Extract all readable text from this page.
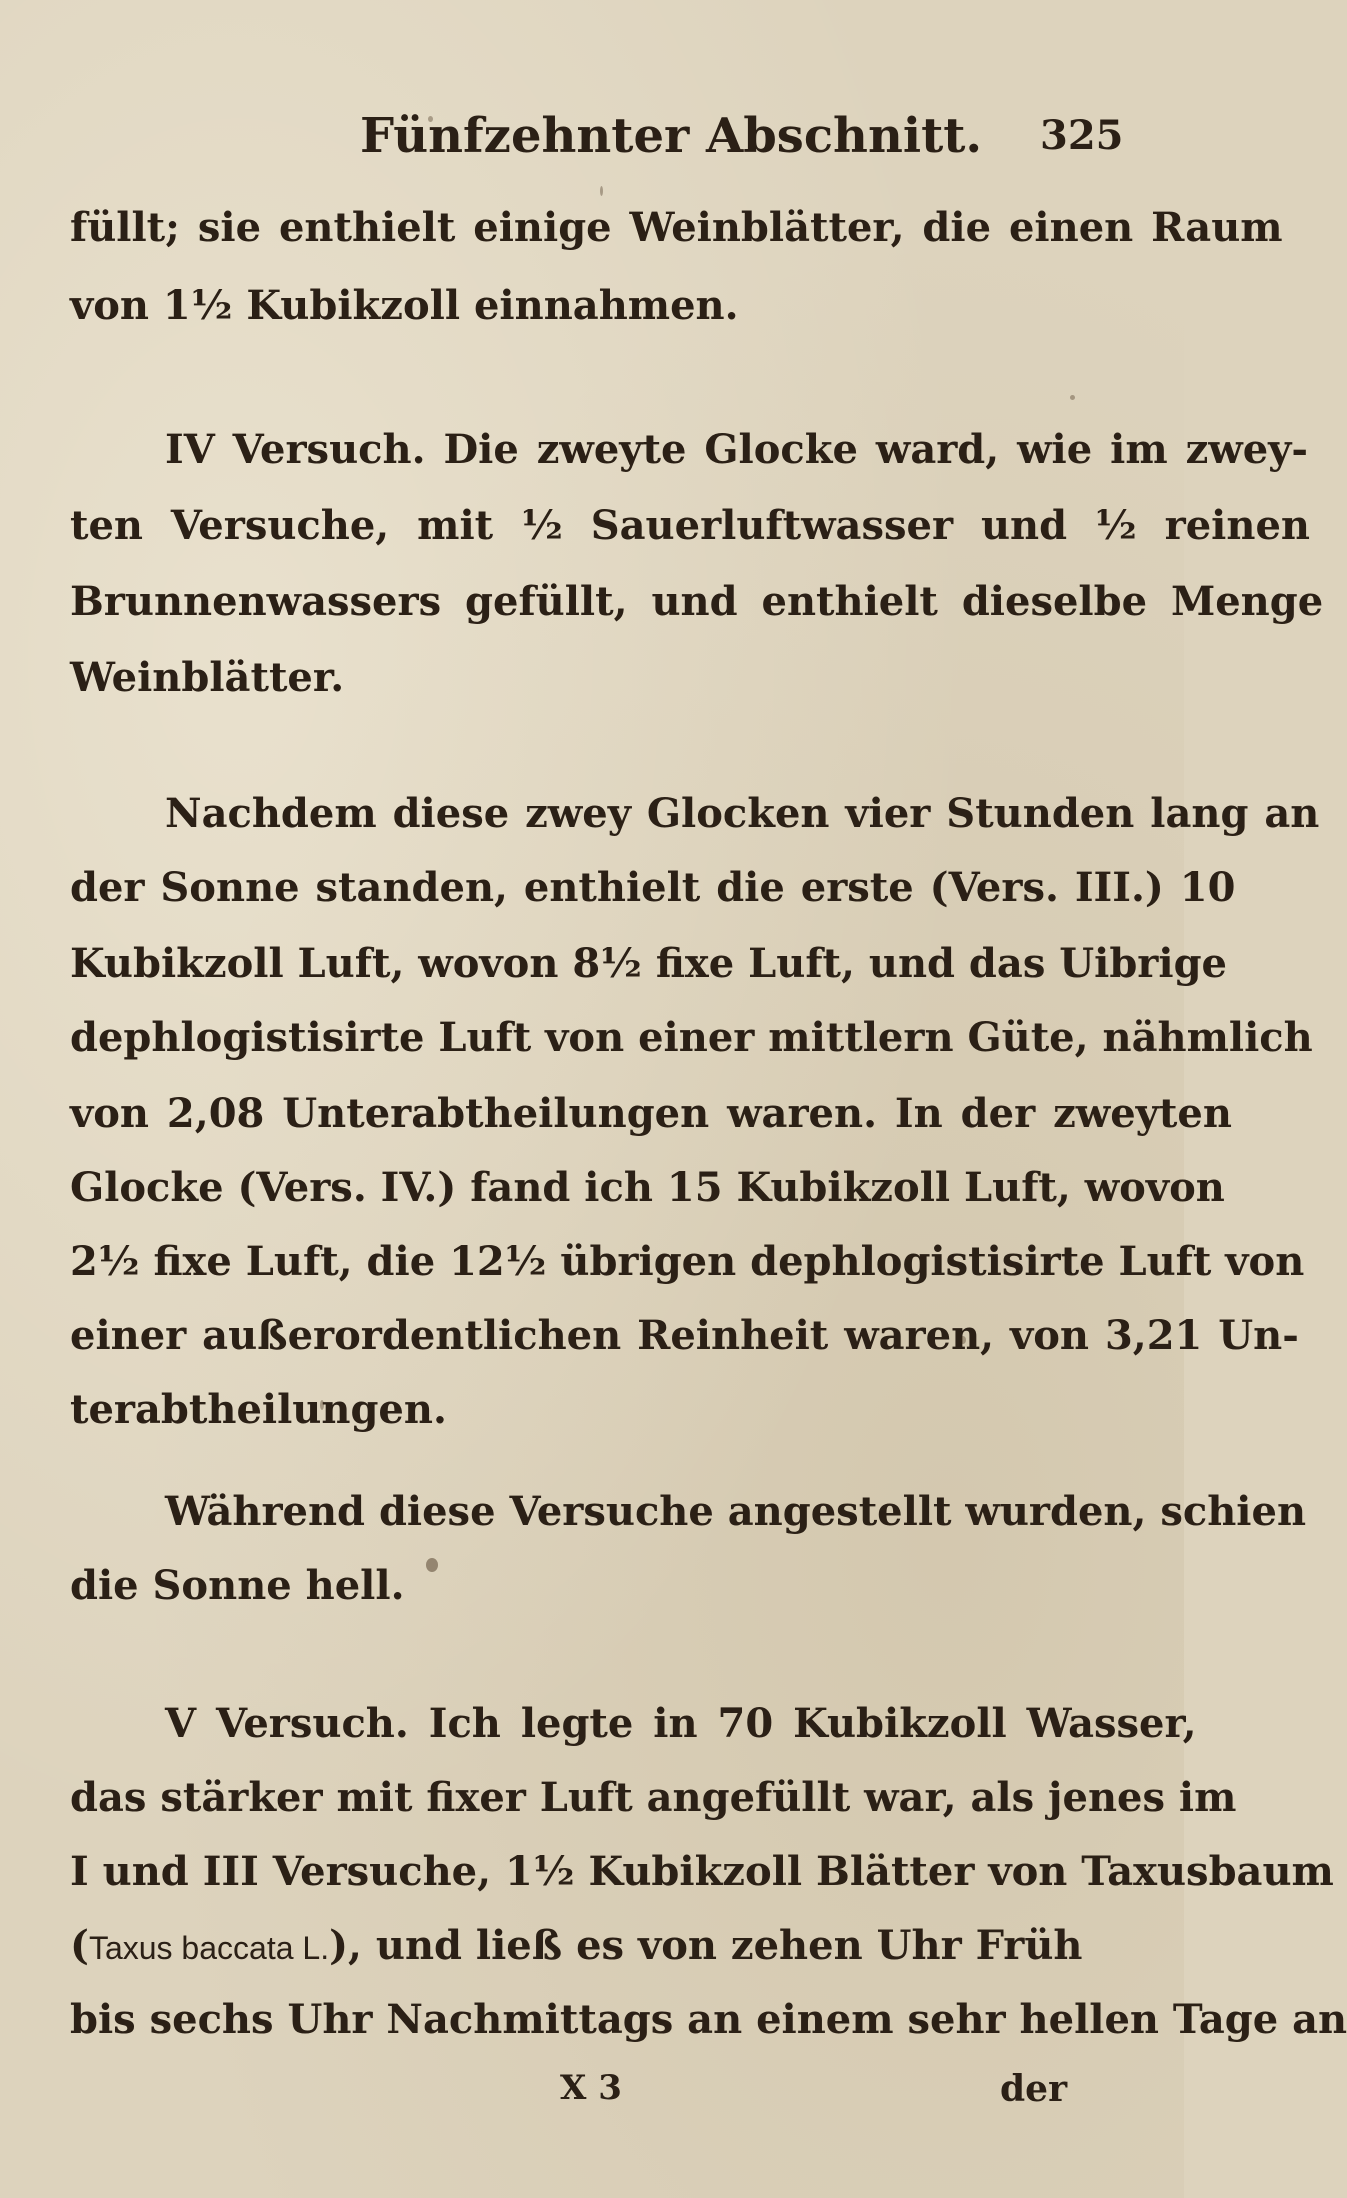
Fünfzehnter Abschnitt. 325
füllt; sie enthielt einige Weinblätter, die einen Raum
von 1½ Kubikzoll einnahmen.
IV Versuch. Die zweyte Glocke ward, wie im zwey-
ten Versuche, mit ½ Sauerluftwasser und ½ reinen
Brunnenwassers gefüllt, und enthielt dieselbe Menge
Weinblätter.
Nachdem diese zwey Glocken vier Stunden lang an
der Sonne standen, enthielt die erste (Vers. III.) 10
Kubikzoll Luft, wovon 8½ fixe Luft, und das Uibrige
dephlogistisirte Luft von einer mittlern Güte, nähmlich
von 2,08 Unterabtheilungen waren. In der zweyten
Glocke (Vers. IV.) fand ich 15 Kubikzoll Luft, wovon
2½ fixe Luft, die 12½ übrigen dephlogistisirte Luft von
einer außerordentlichen Reinheit waren, von 3,21 Un-
terabtheilungen.
Während diese Versuche angestellt wurden, schien
die Sonne hell.
V Versuch. Ich legte in 70 Kubikzoll Wasser,
das stärker mit fixer Luft angefüllt war, als jenes im
I und III Versuche, 1½ Kubikzoll Blätter von Taxusbaum
(Taxus baccata L.), und ließ es von zehen Uhr Früh
bis sechs Uhr Nachmittags an einem sehr hellen Tage an
X 3	der
